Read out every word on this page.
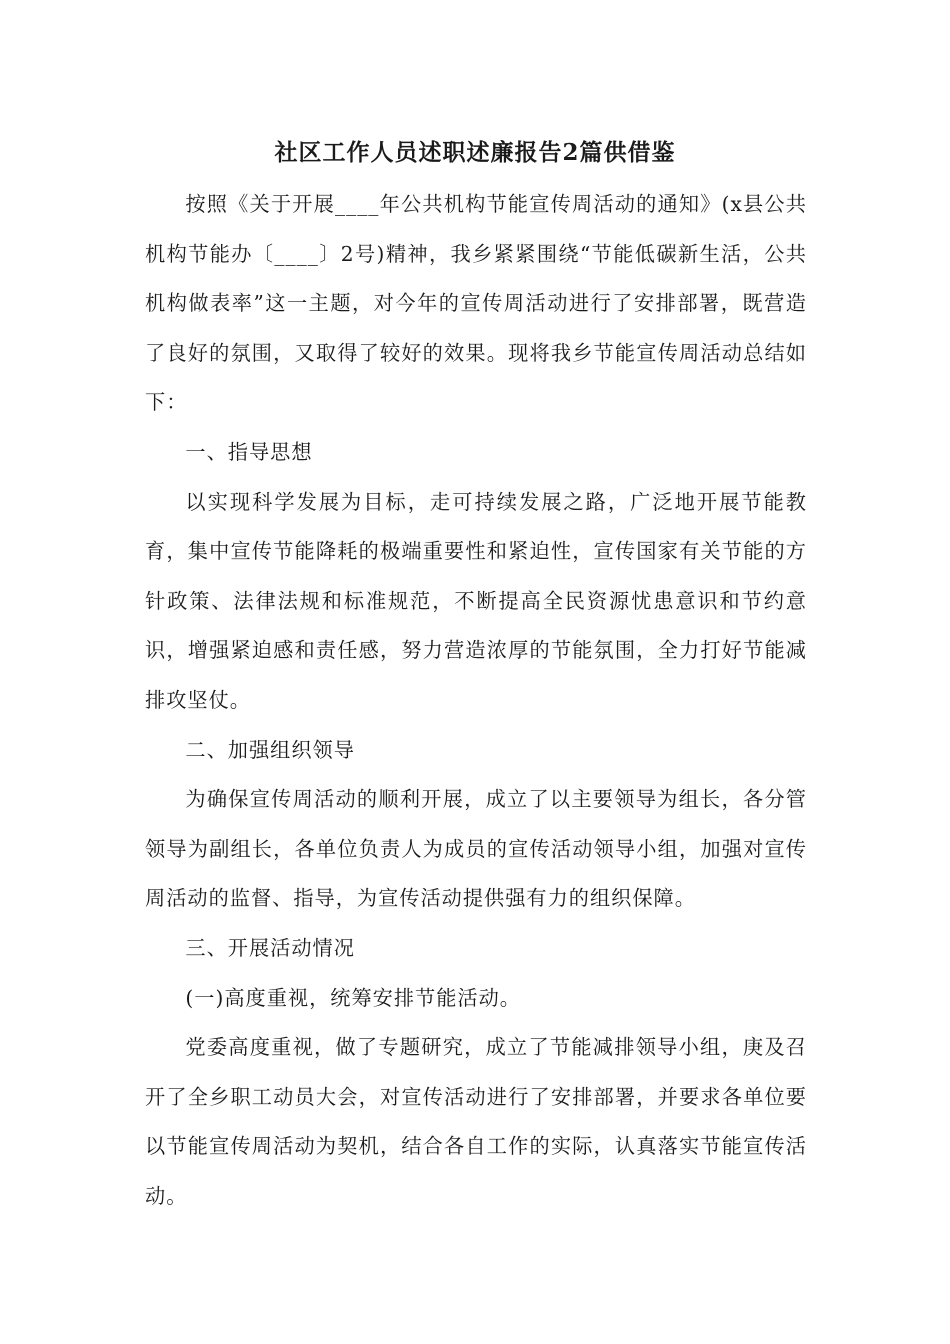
社区工作人员述职述廉报告2篇供借鉴

按照《关于开展____年公共机构节能宣传周活动的通知》(x县公共机构节能办〔____〕2号)精神，我乡紧紧围绕“节能低碳新生活，公共机构做表率”这一主题，对今年的宣传周活动进行了安排部署，既营造了良好的氛围，又取得了较好的效果。现将我乡节能宣传周活动总结如下：

一、指导思想

以实现科学发展为目标，走可持续发展之路，广泛地开展节能教育，集中宣传节能降耗的极端重要性和紧迫性，宣传国家有关节能的方针政策、法律法规和标准规范，不断提高全民资源忧患意识和节约意识，增强紧迫感和责任感，努力营造浓厚的节能氛围，全力打好节能减排攻坚仗。

二、加强组织领导

为确保宣传周活动的顺利开展，成立了以主要领导为组长，各分管领导为副组长，各单位负责人为成员的宣传活动领导小组，加强对宣传周活动的监督、指导，为宣传活动提供强有力的组织保障。

三、开展活动情况

(一)高度重视，统筹安排节能活动。

党委高度重视，做了专题研究，成立了节能减排领导小组，庚及召开了全乡职工动员大会，对宣传活动进行了安排部署，并要求各单位要以节能宣传周活动为契机，结合各自工作的实际，认真落实节能宣传活动。
